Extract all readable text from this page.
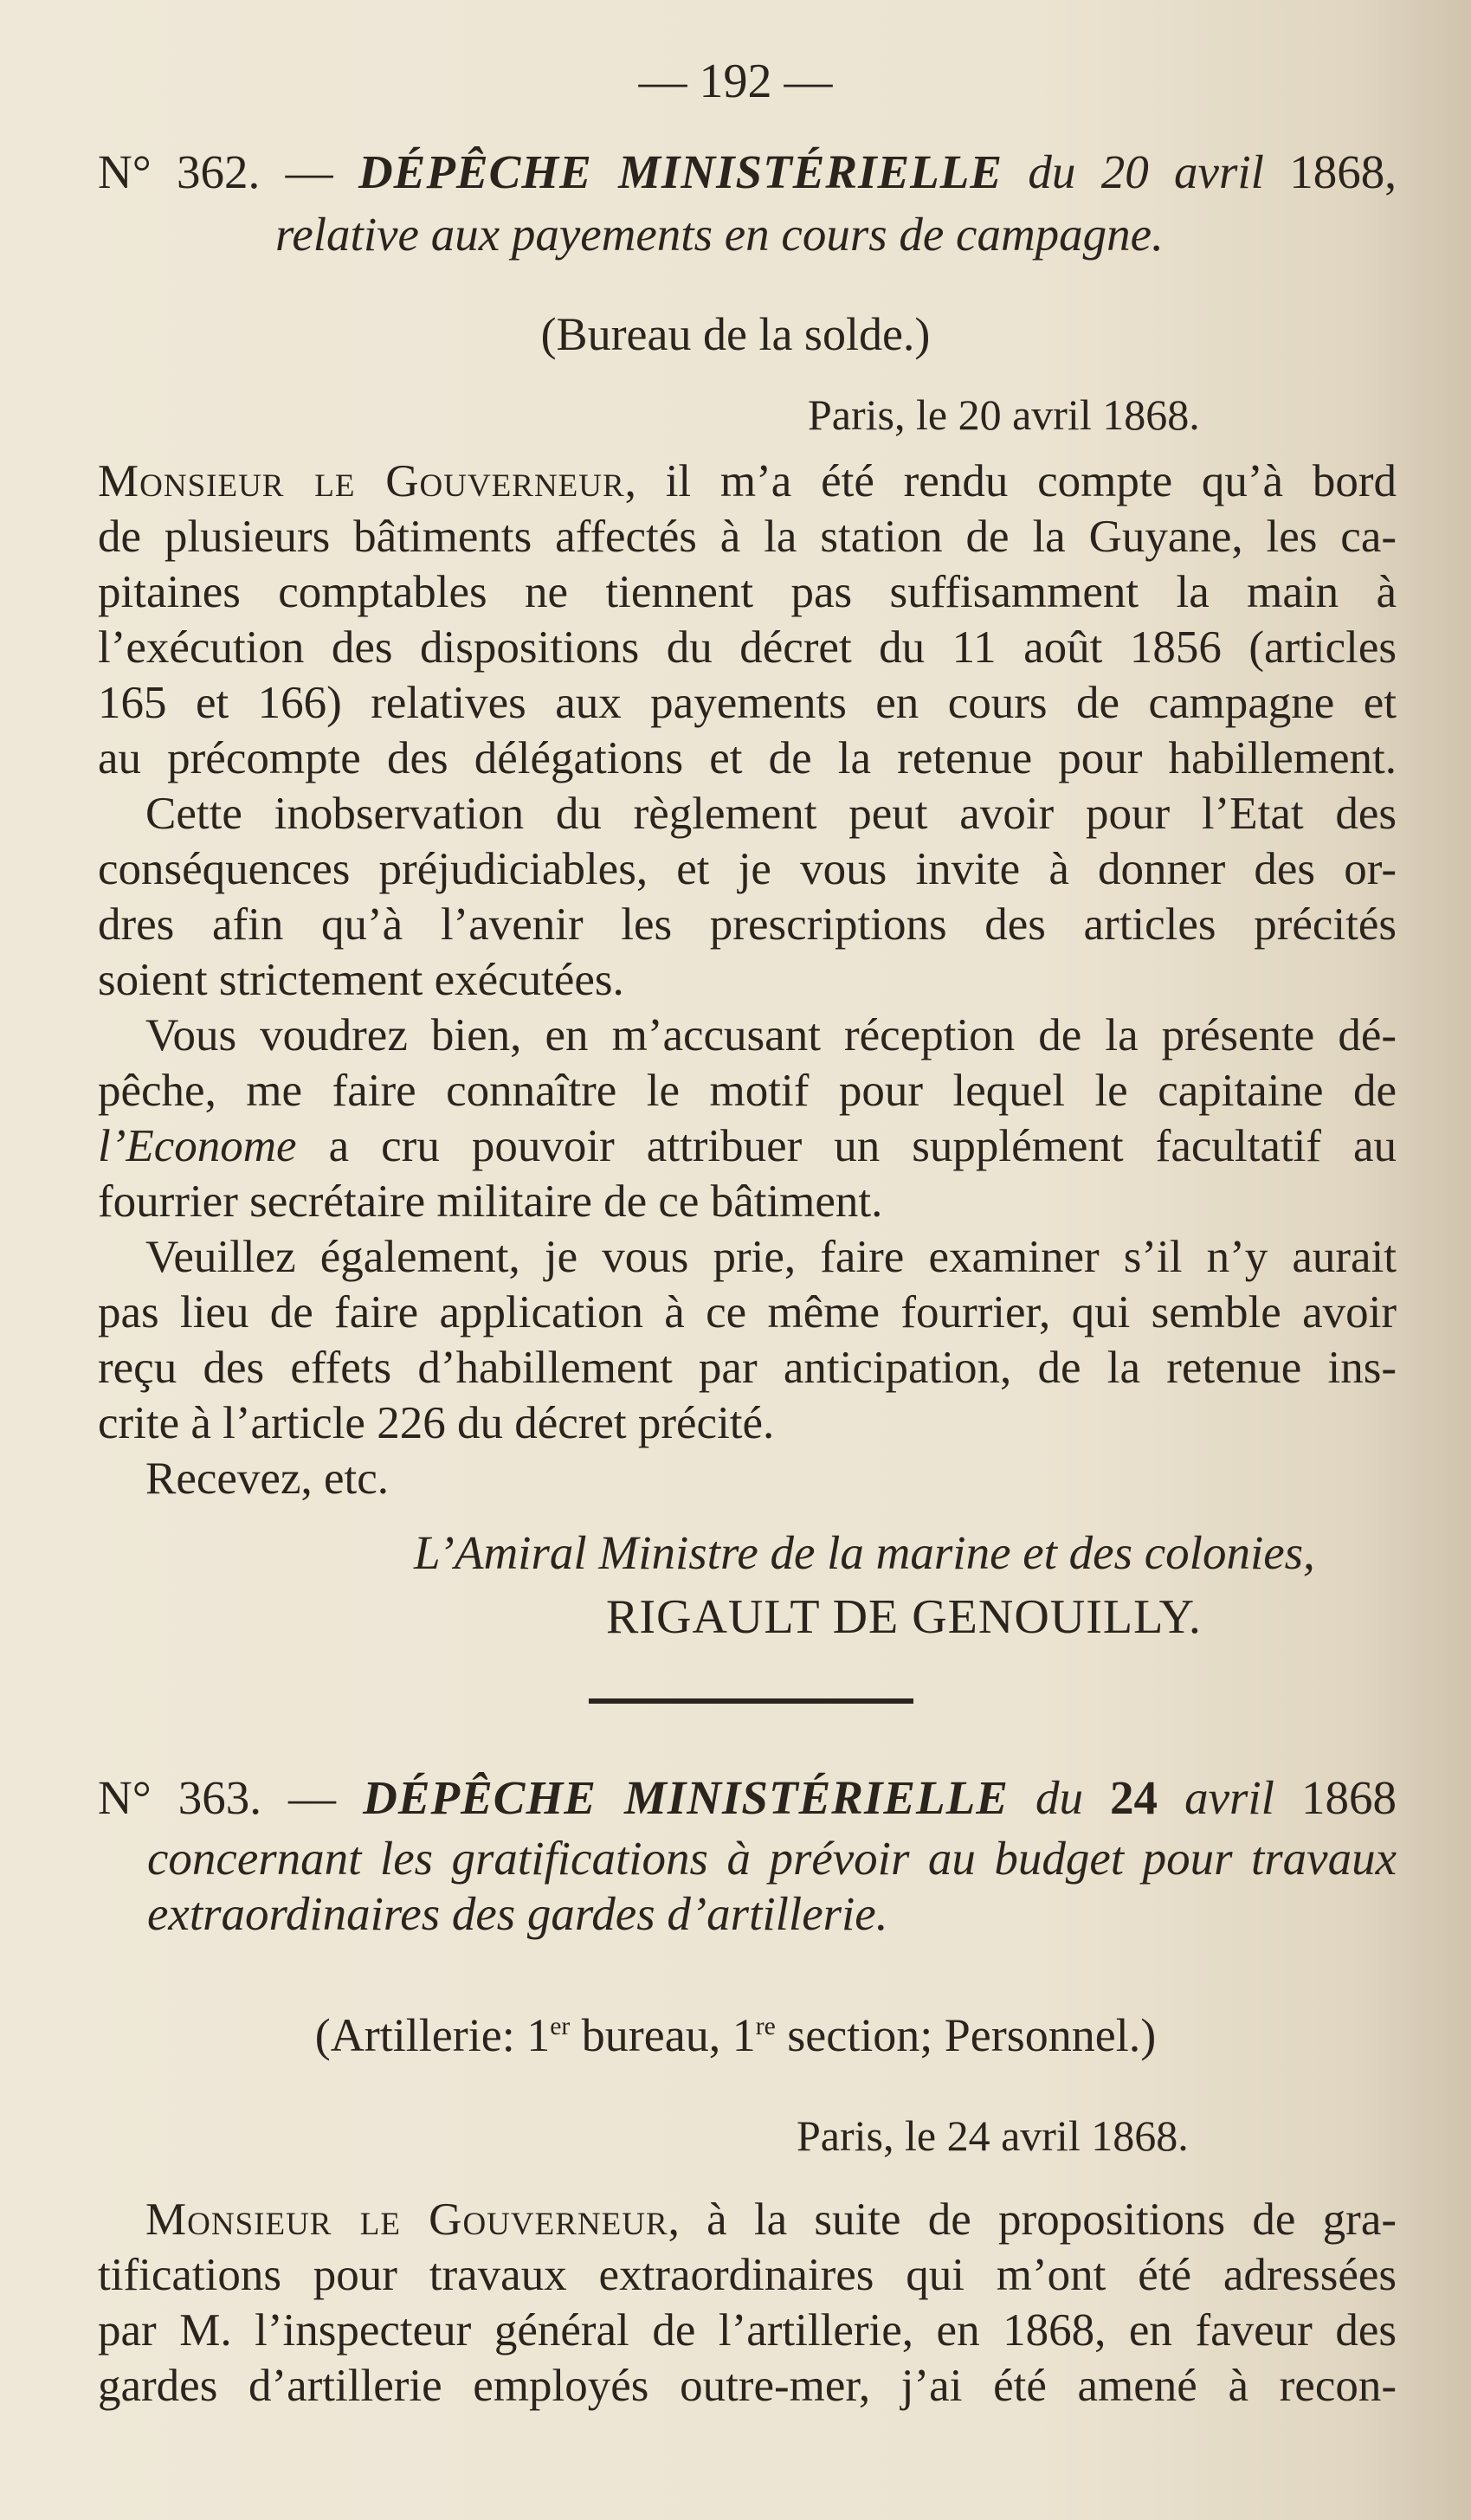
— 192 —
N° 362. — DÉPÊCHE MINISTÉRIELLE du 20 avril 1868,
relative aux payements en cours de campagne.
(Bureau de la solde.)
Paris, le 20 avril 1868.
Monsieur le Gouverneur, il m’a été rendu compte qu’à bord
de plusieurs bâtiments affectés à la station de la Guyane, les ca-
pitaines comptables ne tiennent pas suffisamment la main à
l’exécution des dispositions du décret du 11 août 1856 (articles
165 et 166) relatives aux payements en cours de campagne et
au précompte des délégations et de la retenue pour habillement.
Cette inobservation du règlement peut avoir pour l’Etat des
conséquences préjudiciables, et je vous invite à donner des or-
dres afin qu’à l’avenir les prescriptions des articles précités
soient strictement exécutées.
Vous voudrez bien, en m’accusant réception de la présente dé-
pêche, me faire connaître le motif pour lequel le capitaine de
l’Econome a cru pouvoir attribuer un supplément facultatif au
fourrier secrétaire militaire de ce bâtiment.
Veuillez également, je vous prie, faire examiner s’il n’y aurait
pas lieu de faire application à ce même fourrier, qui semble avoir
reçu des effets d’habillement par anticipation, de la retenue ins-
crite à l’article 226 du décret précité.
Recevez, etc.
L’Amiral Ministre de la marine et des colonies,
RIGAULT DE GENOUILLY.
N° 363. — DÉPÊCHE MINISTÉRIELLE du 24 avril 1868
concernant les gratifications à prévoir au budget pour travaux
extraordinaires des gardes d’artillerie.
(Artillerie: 1er bureau, 1re section; Personnel.)
Paris, le 24 avril 1868.
Monsieur le Gouverneur, à la suite de propositions de gra-
tifications pour travaux extraordinaires qui m’ont été adressées
par M. l’inspecteur général de l’artillerie, en 1868, en faveur des
gardes d’artillerie employés outre-mer, j’ai été amené à recon-
